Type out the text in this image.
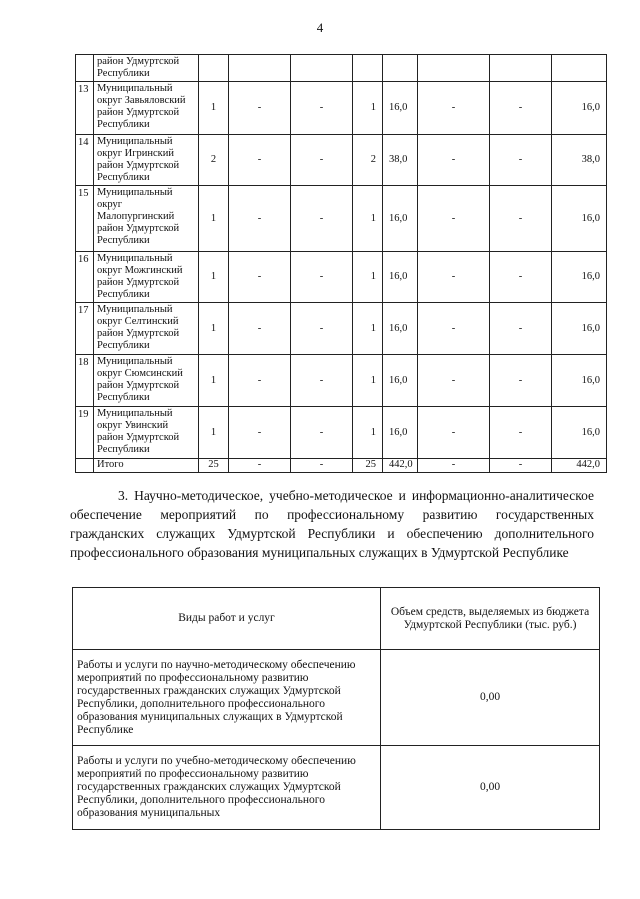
4
	район Удмуртской Республики								
13	Муниципальный округ Завьяловский район Удмуртской Республики	1	-	-	1	16,0	-	-	16,0
14	Муниципальный округ Игринский район Удмуртской Республики	2	-	-	2	38,0	-	-	38,0
15	Муниципальный округ Малопургинский район Удмуртской Республики	1	-	-	1	16,0	-	-	16,0
16	Муниципальный округ Можгинский район Удмуртской Республики	1	-	-	1	16,0	-	-	16,0
17	Муниципальный округ Селтинский район Удмуртской Республики	1	-	-	1	16,0	-	-	16,0
18	Муниципальный округ Сюмсинский район Удмуртской Республики	1	-	-	1	16,0	-	-	16,0
19	Муниципальный округ Увинский район Удмуртской Республики	1	-	-	1	16,0	-	-	16,0
	Итого	25	-	-	25	442,0	-	-	442,0

3. Научно-методическое, учебно-методическое и информационно-аналитическое обеспечение мероприятий по профессиональному развитию государственных гражданских служащих Удмуртской Республики и обеспечению дополнительного профессионального образования муниципальных служащих в Удмуртской Республике

Виды работ и услуг	Объем средств, выделяемых из бюджета Удмуртской Республики (тыс. руб.)
Работы и услуги по научно-методическому обеспечению мероприятий по профессиональному развитию государственных гражданских служащих Удмуртской Республики, дополнительного профессионального образования муниципальных служащих в Удмуртской Республике	0,00
Работы и услуги по учебно-методическому обеспечению мероприятий по профессиональному развитию государственных гражданских служащих Удмуртской Республики, дополнительного профессионального образования муниципальных	0,00
